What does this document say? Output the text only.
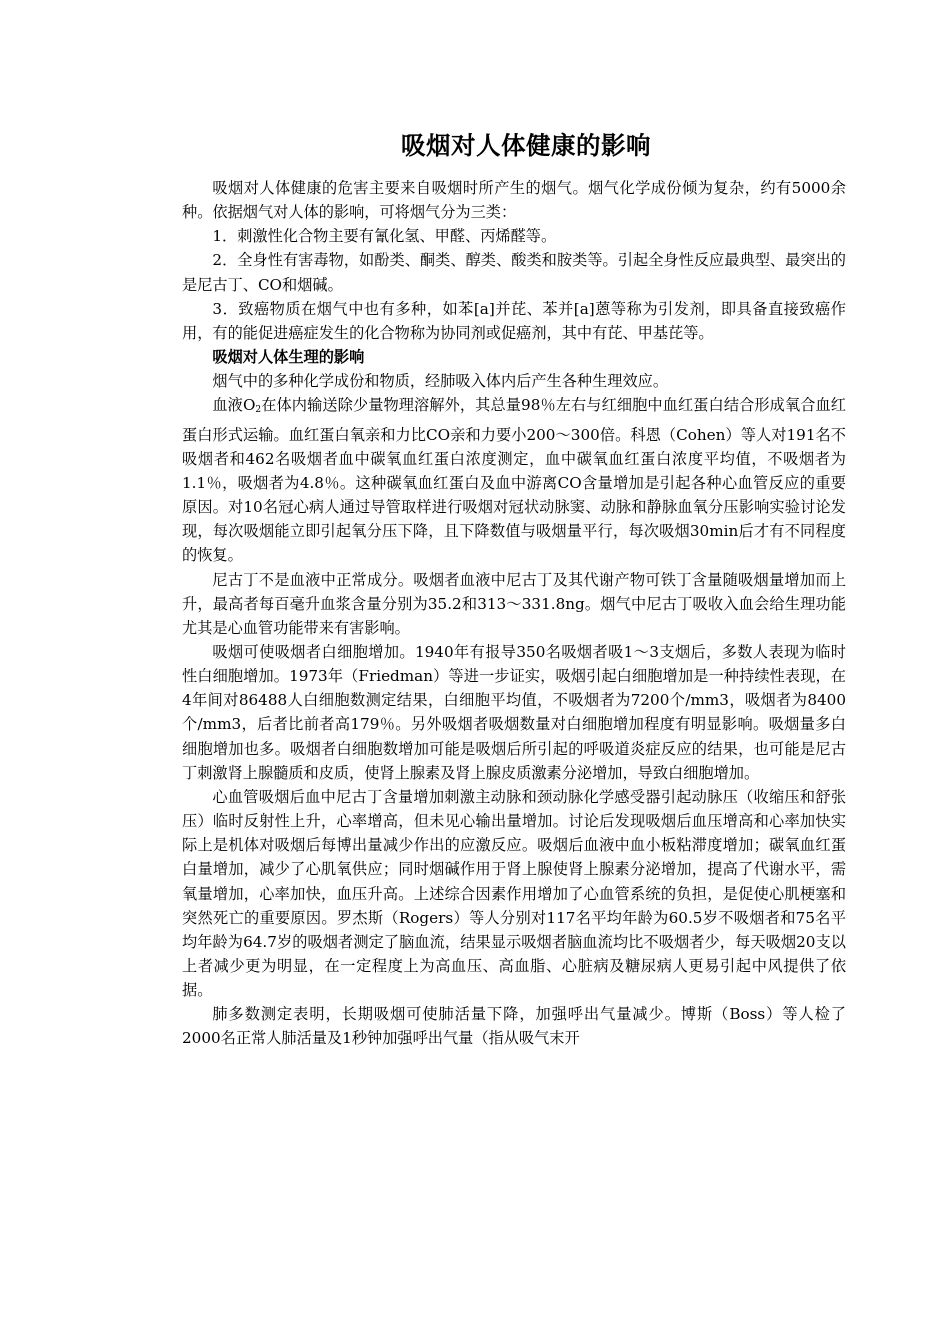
吸烟对人体健康的影响

吸烟对人体健康的危害主要来自吸烟时所产生的烟气。烟气化学成份倾为复杂，约有5000余种。依据烟气对人体的影响，可将烟气分为三类：

1．刺激性化合物主要有氰化氢、甲醛、丙烯醛等。

2．全身性有害毒物，如酚类、酮类、醇类、酸类和胺类等。引起全身性反应最典型、最突出的是尼古丁、CO和烟碱。

3．致癌物质在烟气中也有多种，如苯[a]并芘、苯并[a]蒽等称为引发剂，即具备直接致癌作用，有的能促进癌症发生的化合物称为协同剂或促癌剂，其中有芘、甲基芘等。

吸烟对人体生理的影响

烟气中的多种化学成份和物质，经肺吸入体内后产生各种生理效应。

血液O2在体内输送除少量物理溶解外，其总量98％左右与红细胞中血红蛋白结合形成氧合血红蛋白形式运输。血红蛋白氧亲和力比CO亲和力要小200～300倍。科恩（Cohen）等人对191名不吸烟者和462名吸烟者血中碳氧血红蛋白浓度测定，血中碳氧血红蛋白浓度平均值，不吸烟者为1.1％，吸烟者为4.8％。这种碳氧血红蛋白及血中游离CO含量增加是引起各种心血管反应的重要原因。对10名冠心病人通过导管取样进行吸烟对冠状动脉窦、动脉和静脉血氧分压影响实验讨论发现，每次吸烟能立即引起氧分压下降，且下降数值与吸烟量平行，每次吸烟30min后才有不同程度的恢复。

尼古丁不是血液中正常成分。吸烟者血液中尼古丁及其代谢产物可铁丁含量随吸烟量增加而上升，最高者每百毫升血浆含量分别为35.2和313～331.8ng。烟气中尼古丁吸收入血会给生理功能尤其是心血管功能带来有害影响。

吸烟可使吸烟者白细胞增加。1940年有报导350名吸烟者吸1～3支烟后，多数人表现为临时性白细胞增加。1973年（Friedman）等进一步证实，吸烟引起白细胞增加是一种持续性表现，在4年间对86488人白细胞数测定结果，白细胞平均值，不吸烟者为7200个/mm3，吸烟者为8400个/mm3，后者比前者高179％。另外吸烟者吸烟数量对白细胞增加程度有明显影响。吸烟量多白细胞增加也多。吸烟者白细胞数增加可能是吸烟后所引起的呼吸道炎症反应的结果，也可能是尼古丁刺激肾上腺髓质和皮质，使肾上腺素及肾上腺皮质激素分泌增加，导致白细胞增加。

心血管吸烟后血中尼古丁含量增加刺激主动脉和颈动脉化学感受器引起动脉压（收缩压和舒张压）临时反射性上升，心率增高，但未见心输出量增加。讨论后发现吸烟后血压增高和心率加快实际上是机体对吸烟后每博出量减少作出的应激反应。吸烟后血液中血小板粘滞度增加；碳氧血红蛋白量增加，减少了心肌氧供应；同时烟碱作用于肾上腺使肾上腺素分泌增加，提高了代谢水平，需氧量增加，心率加快，血压升高。上述综合因素作用增加了心血管系统的负担，是促使心肌梗塞和突然死亡的重要原因。罗杰斯（Rogers）等人分别对117名平均年龄为60.5岁不吸烟者和75名平均年龄为64.7岁的吸烟者测定了脑血流，结果显示吸烟者脑血流均比不吸烟者少，每天吸烟20支以上者减少更为明显，在一定程度上为高血压、高血脂、心脏病及糖尿病人更易引起中风提供了依据。

肺多数测定表明，长期吸烟可使肺活量下降，加强呼出气量减少。博斯（Boss）等人检了2000名正常人肺活量及1秒钟加强呼出气量（指从吸气末开
